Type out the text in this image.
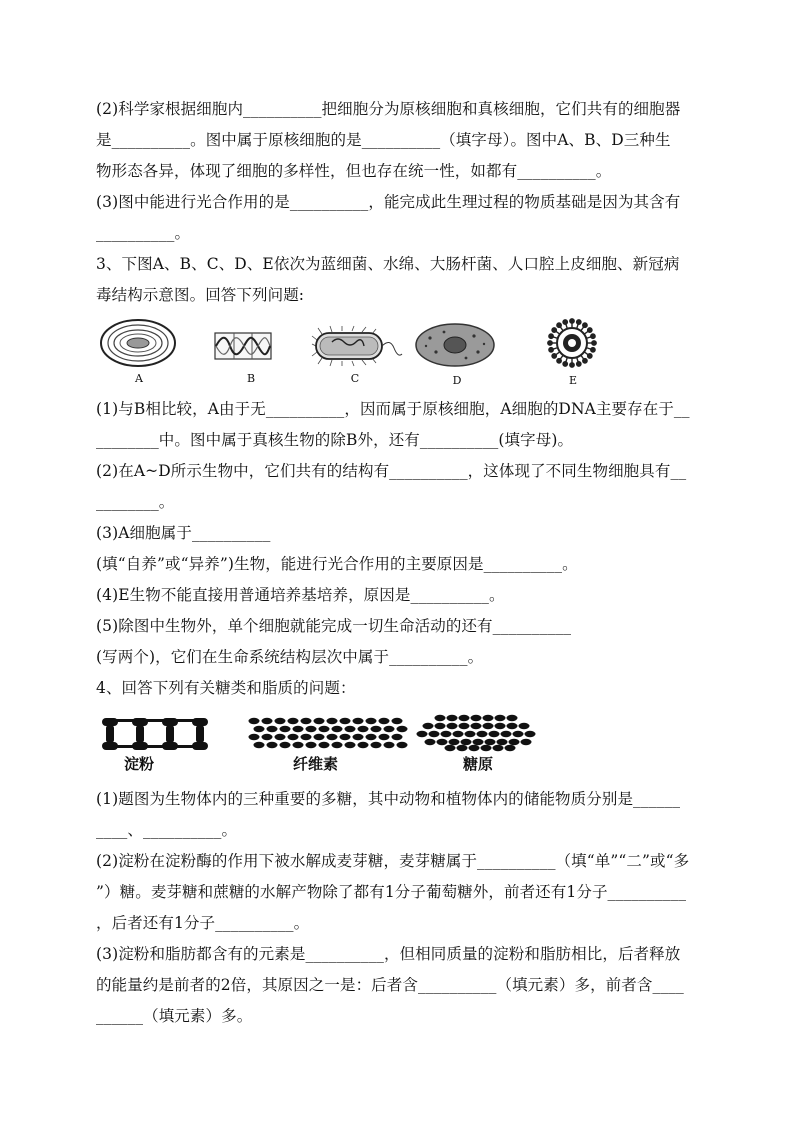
(2)科学家根据细胞内__________把细胞分为原核细胞和真核细胞，它们共有的细胞器
是__________。图中属于原核细胞的是__________（填字母）。图中A、B、D三种生
物形态各异，体现了细胞的多样性，但也存在统一性，如都有__________。
(3)图中能进行光合作用的是__________，能完成此生理过程的物质基础是因为其含有
__________。
3、下图A、B、C、D、E依次为蓝细菌、水绵、大肠杆菌、人口腔上皮细胞、新冠病
毒结构示意图。回答下列问题:
A	B	C	D	E
(1)与B相比较，A由于无__________，因而属于原核细胞，A细胞的DNA主要存在于__
________中。图中属于真核生物的除B外，还有__________(填字母)。
(2)在A~D所示生物中，它们共有的结构有__________，这体现了不同生物细胞具有__
________。
(3)A细胞属于__________
(填“自养”或“异养”)生物，能进行光合作用的主要原因是__________。
(4)E生物不能直接用普通培养基培养，原因是__________。
(5)除图中生物外，单个细胞就能完成一切生命活动的还有__________
(写两个)，它们在生命系统结构层次中属于__________。
4、回答下列有关糖类和脂质的问题：
淀粉	纤维素	糖原
(1)题图为生物体内的三种重要的多糖，其中动物和植物体内的储能物质分别是______
____、__________。
(2)淀粉在淀粉酶的作用下被水解成麦芽糖，麦芽糖属于__________（填“单”“二”或“多
”）糖。麦芽糖和蔗糖的水解产物除了都有1分子葡萄糖外，前者还有1分子__________
，后者还有1分子__________。
(3)淀粉和脂肪都含有的元素是__________，但相同质量的淀粉和脂肪相比，后者释放
的能量约是前者的2倍，其原因之一是：后者含__________（填元素）多，前者含____
______（填元素）多。
